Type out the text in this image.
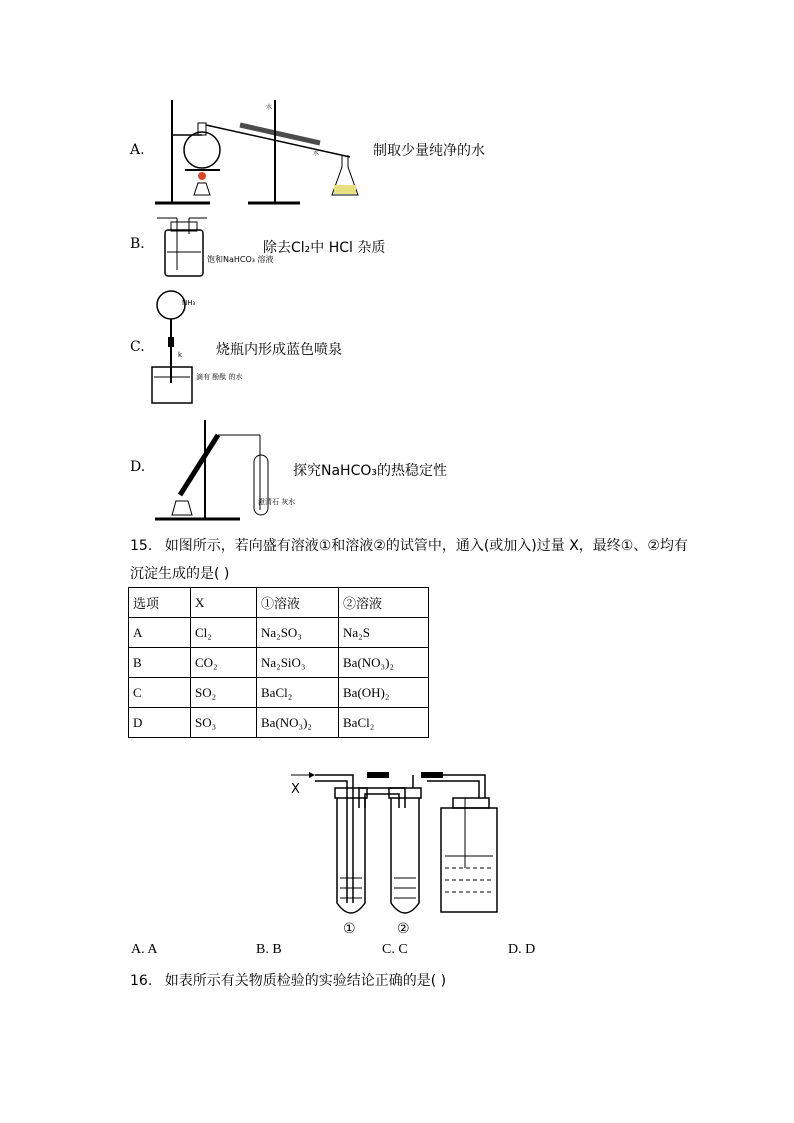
A.
水
水	制取少量纯净的水
B.
饱和NaHCO₃ 溶液
除去Cl₂中 HCl 杂质
C.
NH₃
k
滴有 酚酞 的水
烧瓶内形成蓝色喷泉
D.
澄清石 灰水
探究NaHCO₃的热稳定性
15. 如图所示，若向盛有溶液①和溶液②的试管中，通入(或加入)过量 X，最终①、②均有
沉淀生成的是( )
选项	X	①溶液	②溶液
A	Cl₂	Na₂SO₃	Na₂S
B	CO₂	Na₂SiO₃	Ba(NO₃)₂
C	SO₂	BaCl₂	Ba(OH)₂
D	SO₃	Ba(NO₃)₂	BaCl₂
X
①	②
A. A	B. B	C. C	D. D
16. 如表所示有关物质检验的实验结论正确的是( )
